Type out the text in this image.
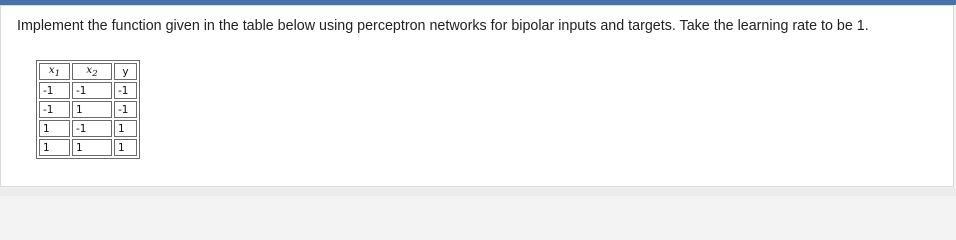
Implement the function given in the table below using perceptron networks for bipolar inputs and targets. Take the learning rate to be 1.

$x_1$	$x_2$	y
-1	-1	-1
-1	1	-1
1	-1	1
1	1	1
